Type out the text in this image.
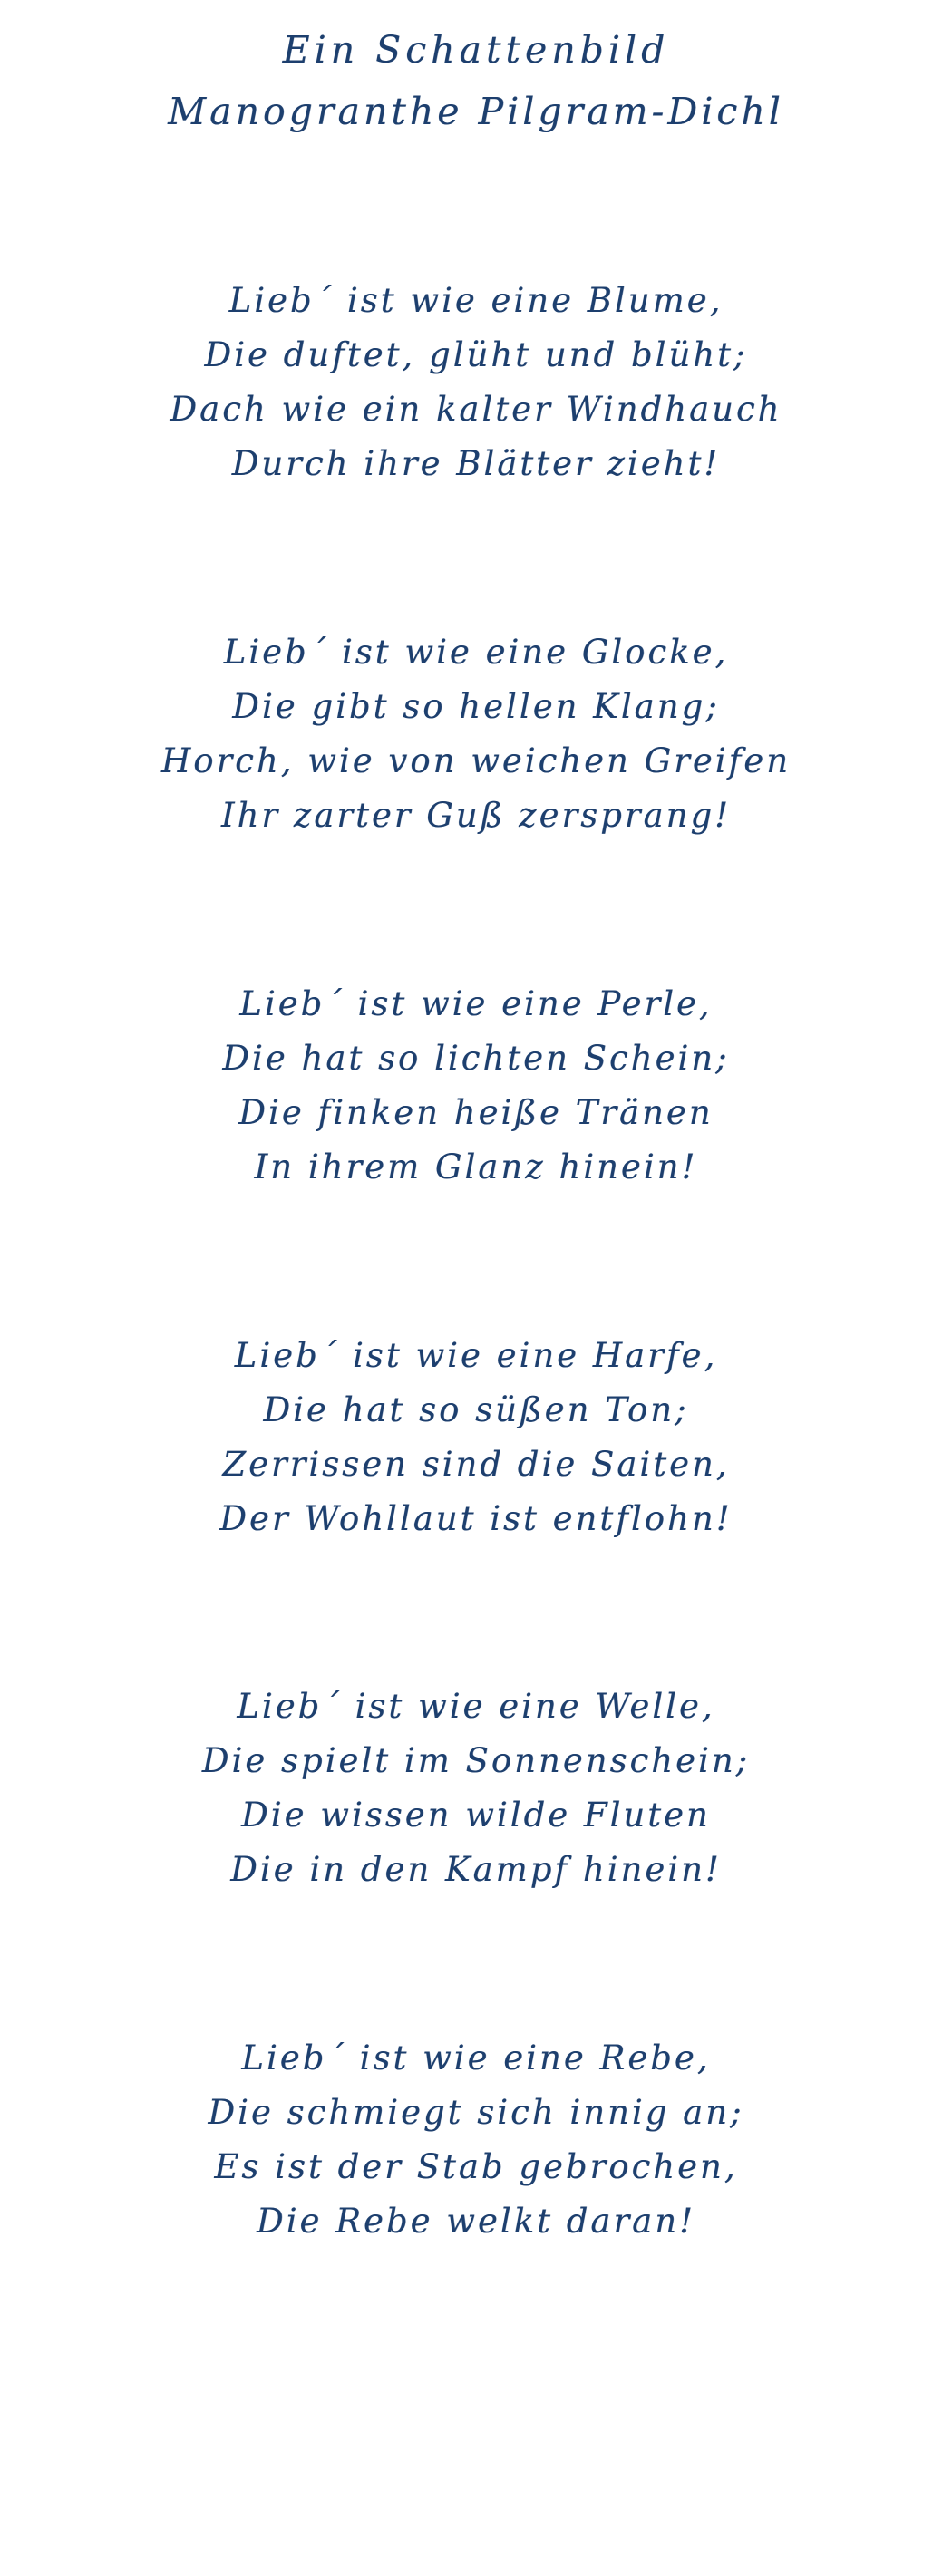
Ein Schattenbild
Manogranthe Pilgram-Dichl
Lieb´ ist wie eine Blume,
Die duftet, glüht und blüht;
Dach wie ein kalter Windhauch
Durch ihre Blätter zieht!
Lieb´ ist wie eine Glocke,
Die gibt so hellen Klang;
Horch, wie von weichen Greifen
Ihr zarter Guß zersprang!
Lieb´ ist wie eine Perle,
Die hat so lichten Schein;
Die finken heiße Tränen
In ihrem Glanz hinein!
Lieb´ ist wie eine Harfe,
Die hat so süßen Ton;
Zerrissen sind die Saiten,
Der Wohllaut ist entflohn!
Lieb´ ist wie eine Welle,
Die spielt im Sonnenschein;
Die wissen wilde Fluten
Die in den Kampf hinein!
Lieb´ ist wie eine Rebe,
Die schmiegt sich innig an;
Es ist der Stab gebrochen,
Die Rebe welkt daran!
